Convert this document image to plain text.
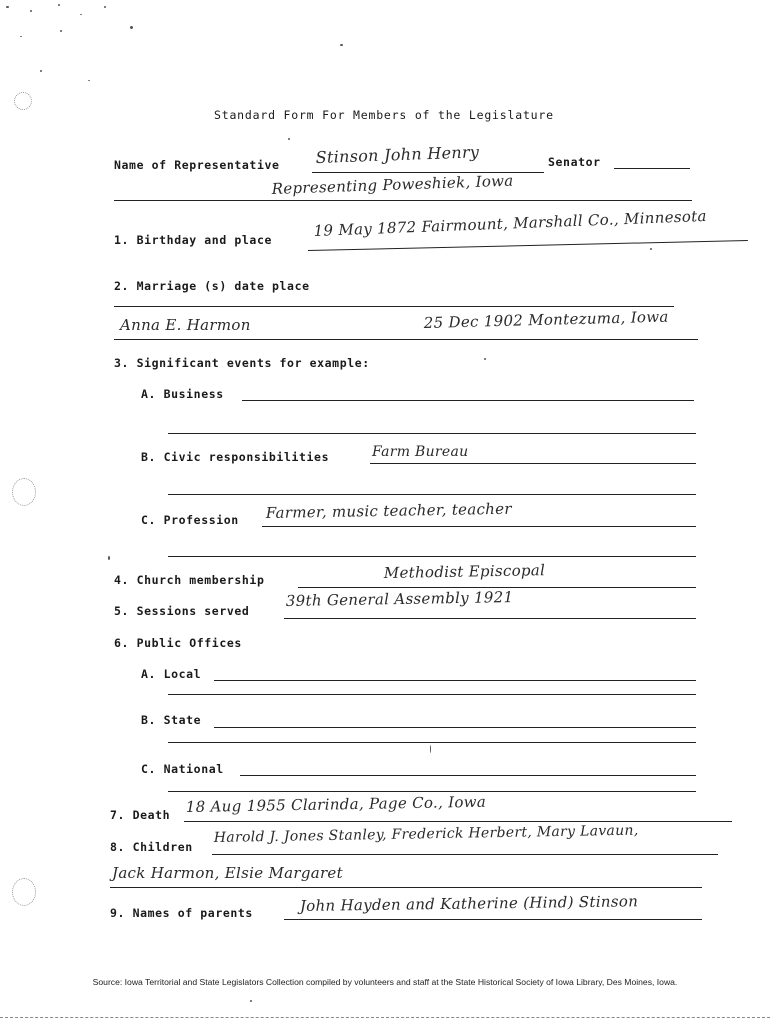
Standard Form For Members of the Legislature
Name of Representative Stinson John Henry	Senator
Representing Poweshiek, Iowa
1. Birthday and place	19 May 1872 Fairmount, Marshall Co., Minnesota
2. Marriage (s) date place
Anna E. Harmon	25 Dec 1902 Montezuma, Iowa
3. Significant events for example:
A. Business
B. Civic responsibilities	Farm Bureau
C. Profession Farmer, music teacher, teacher
4. Church membership	Methodist Episcopal
5. Sessions served
39th General Assembly 1921
6. Public Offices
A. Local
B. State
C. National
7. Death 18 Aug 1955 Clarinda, Page Co., Iowa
8. Children
Harold J. Jones Stanley, Frederick Herbert, Mary Lavaun,
Jack Harmon, Elsie Margaret
9. Names of parents	John Hayden and Katherine (Hind) Stinson
Source: Iowa Territorial and State Legislators Collection compiled by volunteers and staff at the State Historical Society of Iowa Library, Des Moines, Iowa.
